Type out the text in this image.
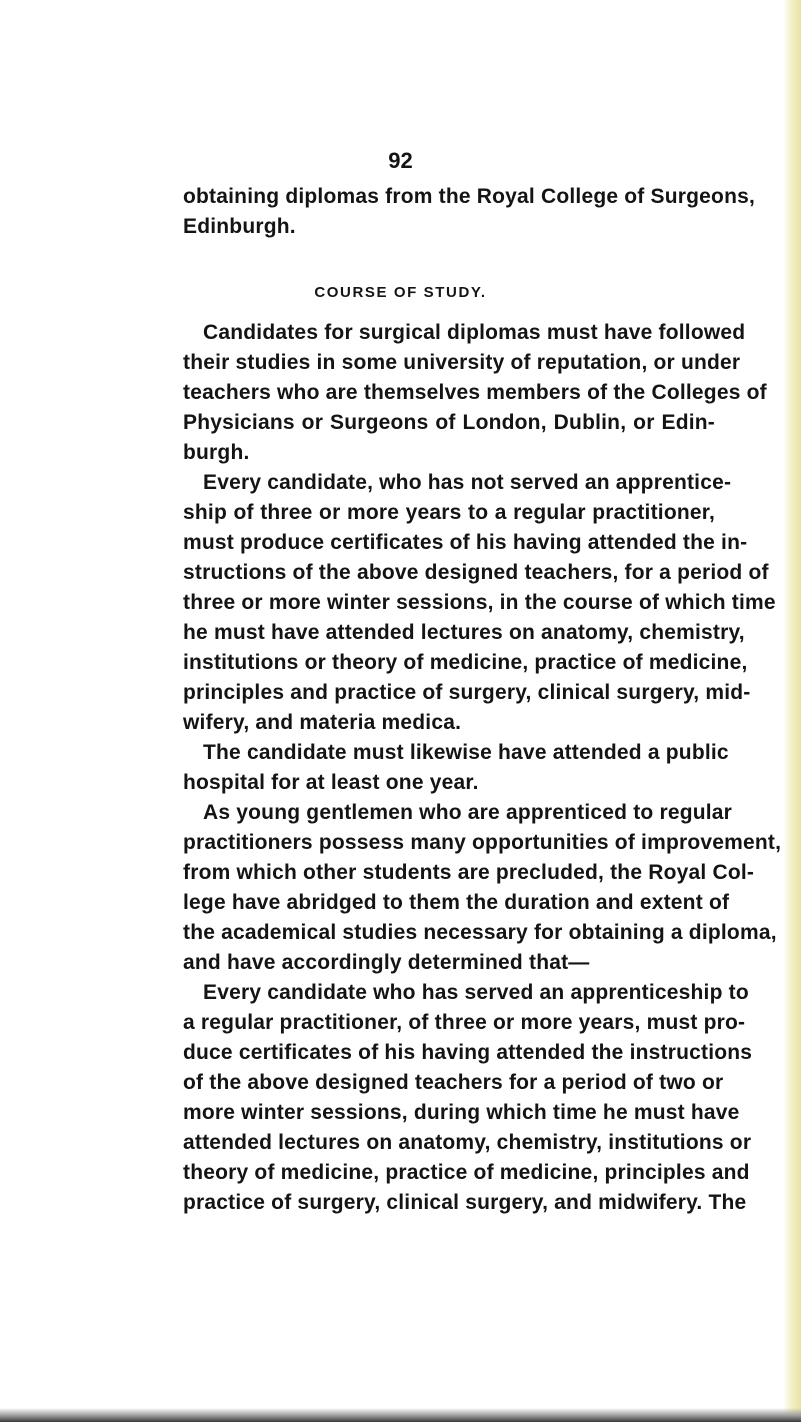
92
obtaining diplomas from the Royal College of Surgeons,
Edinburgh.
COURSE OF STUDY.
Candidates for surgical diplomas must have followed
their studies in some university of reputation, or under
teachers who are themselves members of the Colleges of
Physicians or Surgeons of London, Dublin, or Edin-
burgh.
Every candidate, who has not served an apprentice-
ship of three or more years to a regular practitioner,
must produce certificates of his having attended the in-
structions of the above designed teachers, for a period of
three or more winter sessions, in the course of which time
he must have attended lectures on anatomy, chemistry,
institutions or theory of medicine, practice of medicine,
principles and practice of surgery, clinical surgery, mid-
wifery, and materia medica.
The candidate must likewise have attended a public
hospital for at least one year.
As young gentlemen who are apprenticed to regular
practitioners possess many opportunities of improvement,
from which other students are precluded, the Royal Col-
lege have abridged to them the duration and extent of
the academical studies necessary for obtaining a diploma,
and have accordingly determined that—
Every candidate who has served an apprenticeship to
a regular practitioner, of three or more years, must pro-
duce certificates of his having attended the instructions
of the above designed teachers for a period of two or
more winter sessions, during which time he must have
attended lectures on anatomy, chemistry, institutions or
theory of medicine, practice of medicine, principles and
practice of surgery, clinical surgery, and midwifery. The
